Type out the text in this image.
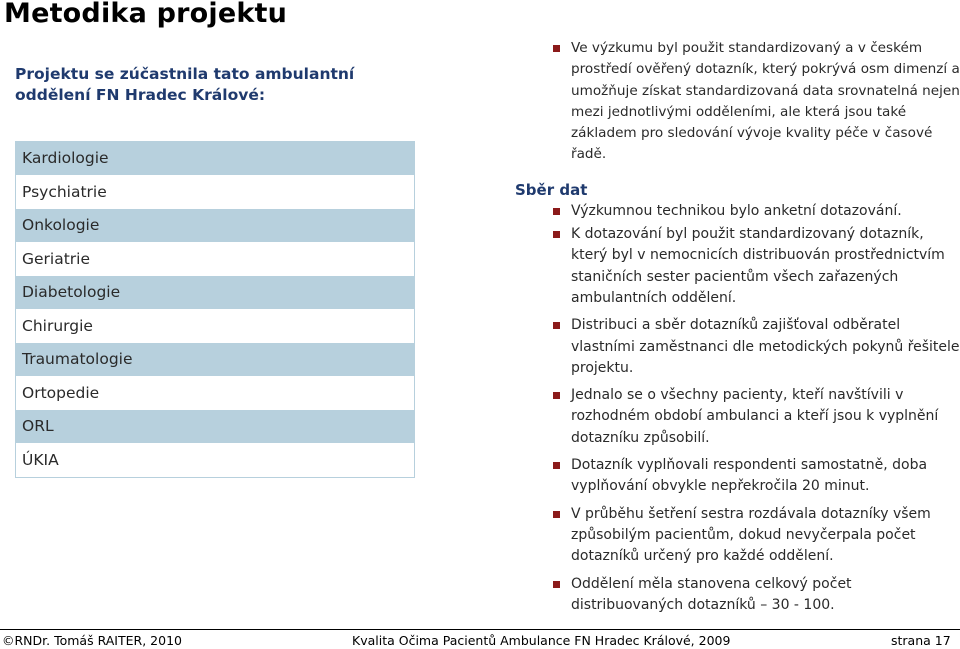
Metodika projektu
Projektu se zúčastnila tato ambulantní oddělení FN Hradec Králové:
Kardiologie
Psychiatrie
Onkologie
Geriatrie
Diabetologie
Chirurgie
Traumatologie
Ortopedie
ORL
ÚKIA
Ve výzkumu byl použit standardizovaný a v českém prostředí ověřený dotazník, který pokrývá osm dimenzí a umožňuje získat standardizovaná data srovnatelná nejen mezi jednotlivými odděleními, ale která jsou také základem pro sledování vývoje kvality péče v časové řadě.
Sběr dat
Výzkumnou technikou bylo anketní dotazování.
K dotazování byl použit standardizovaný dotazník, který byl v nemocnicích distribuován prostřednictvím staničních sester pacientům všech zařazených ambulantních oddělení.
Distribuci a sběr dotazníků zajišťoval odběratel vlastními zaměstnanci dle metodických pokynů řešitele projektu.
Jednalo se o všechny pacienty, kteří navštívili v rozhodném období ambulanci a kteří jsou k vyplnění dotazníku způsobilí.
Dotazník vyplňovali respondenti samostatně, doba vyplňování obvykle nepřekročila 20 minut.
V průběhu šetření sestra rozdávala dotazníky všem způsobilým pacientům, dokud nevyčerpala počet dotazníků určený pro každé oddělení.
Oddělení měla stanovena celkový počet distribuovaných dotazníků – 30 - 100.
©RNDr. Tomáš RAITER, 2010	Kvalita Očima Pacientů Ambulance FN Hradec Králové, 2009	strana 17
